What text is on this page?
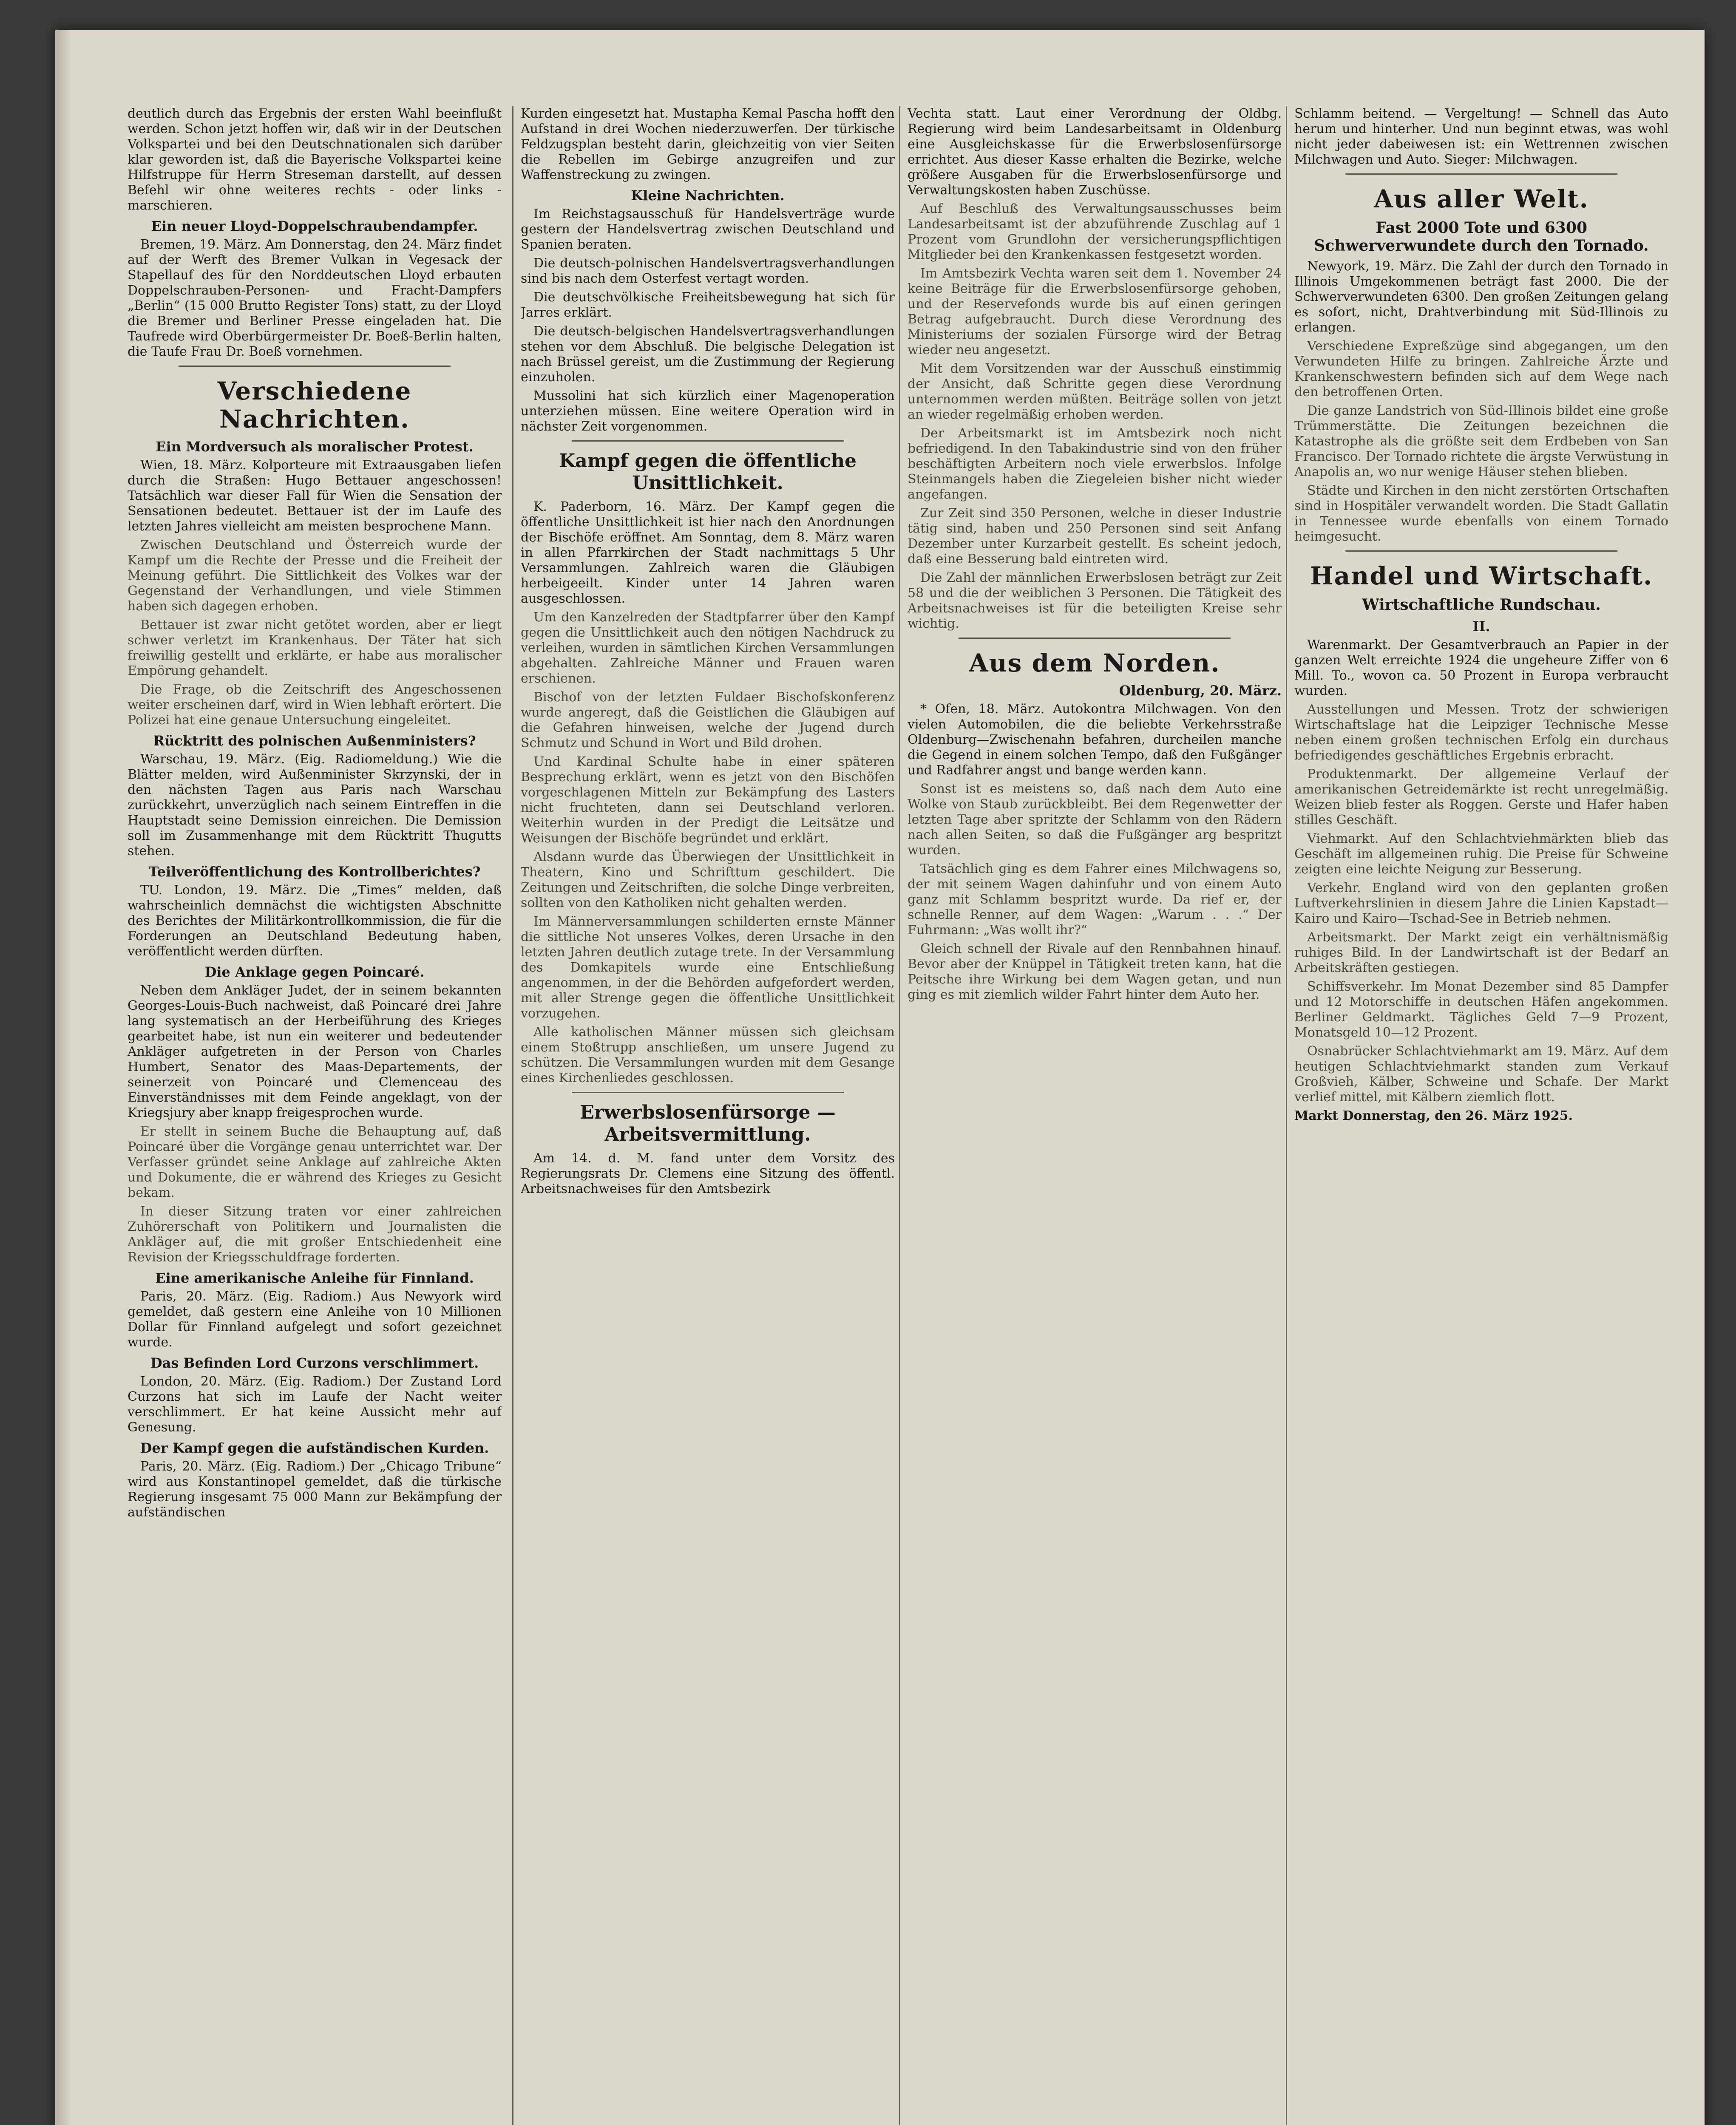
deutlich durch das Ergebnis der ersten Wahl beeinflußt werden. Schon jetzt hoffen wir, daß wir in der Deutschen Volkspartei und bei den Deutschnationalen sich darüber klar geworden ist, daß die Bayerische Volkspartei keine Hilfstruppe für Herrn Streseman darstellt, auf dessen Befehl wir ohne weiteres rechts - oder links - marschieren.

Ein neuer Lloyd-Doppelschraubendampfer.

Bremen, 19. März. Am Donnerstag, den 24. März findet auf der Werft des Bremer Vulkan in Vegesack der Stapellauf des für den Norddeutschen Lloyd erbauten Doppelschrauben-Personen- und Fracht-Dampfers „Berlin“ (15 000 Brutto Register Tons) statt, zu der Lloyd die Bremer und Berliner Presse eingeladen hat. Die Taufrede wird Oberbürgermeister Dr. Boeß-Berlin halten, die Taufe Frau Dr. Boeß vornehmen.

Verschiedene Nachrichten.
Ein Mordversuch als moralischer Protest.

Wien, 18. März. Kolporteure mit Extraausgaben liefen durch die Straßen: Hugo Bettauer angeschossen! Tatsächlich war dieser Fall für Wien die Sensation der Sensationen bedeutet. Bettauer ist der im Laufe des letzten Jahres vielleicht am meisten besprochene Mann.

Zwischen Deutschland und Österreich wurde der Kampf um die Rechte der Presse und die Freiheit der Meinung geführt. Die Sittlichkeit des Volkes war der Gegenstand der Verhandlungen, und viele Stimmen haben sich dagegen erhoben.

Bettauer ist zwar nicht getötet worden, aber er liegt schwer verletzt im Krankenhaus. Der Täter hat sich freiwillig gestellt und erklärte, er habe aus moralischer Empörung gehandelt.

Die Frage, ob die Zeitschrift des Angeschossenen weiter erscheinen darf, wird in Wien lebhaft erörtert. Die Polizei hat eine genaue Untersuchung eingeleitet.

Rücktritt des polnischen Außenministers?

Warschau, 19. März. (Eig. Radiomeldung.) Wie die Blätter melden, wird Außenminister Skrzynski, der in den nächsten Tagen aus Paris nach Warschau zurückkehrt, unverzüglich nach seinem Eintreffen in die Hauptstadt seine Demission einreichen. Die Demission soll im Zusammenhange mit dem Rücktritt Thugutts stehen.

Teilveröffentlichung des Kontrollberichtes?

TU. London, 19. März. Die „Times“ melden, daß wahrscheinlich demnächst die wichtigsten Abschnitte des Berichtes der Militärkontrollkommission, die für die Forderungen an Deutschland Bedeutung haben, veröffentlicht werden dürften.

Die Anklage gegen Poincaré.

Neben dem Ankläger Judet, der in seinem bekannten Georges-Louis-Buch nachweist, daß Poincaré drei Jahre lang systematisch an der Herbeiführung des Krieges gearbeitet habe, ist nun ein weiterer und bedeutender Ankläger aufgetreten in der Person von Charles Humbert, Senator des Maas-Departements, der seinerzeit von Poincaré und Clemenceau des Einverständnisses mit dem Feinde angeklagt, von der Kriegsjury aber knapp freigesprochen wurde.

Er stellt in seinem Buche die Behauptung auf, daß Poincaré über die Vorgänge genau unterrichtet war. Der Verfasser gründet seine Anklage auf zahlreiche Akten und Dokumente, die er während des Krieges zu Gesicht bekam.

In dieser Sitzung traten vor einer zahlreichen Zuhörerschaft von Politikern und Journalisten die Ankläger auf, die mit großer Entschiedenheit eine Revision der Kriegsschuldfrage forderten.

Eine amerikanische Anleihe für Finnland.

Paris, 20. März. (Eig. Radiom.) Aus Newyork wird gemeldet, daß gestern eine Anleihe von 10 Millionen Dollar für Finnland aufgelegt und sofort gezeichnet wurde.

Das Befinden Lord Curzons verschlimmert.

London, 20. März. (Eig. Radiom.) Der Zustand Lord Curzons hat sich im Laufe der Nacht weiter verschlimmert. Er hat keine Aussicht mehr auf Genesung.

Der Kampf gegen die aufständischen Kurden.

Paris, 20. März. (Eig. Radiom.) Der „Chicago Tribune“ wird aus Konstantinopel gemeldet, daß die türkische Regierung insgesamt 75 000 Mann zur Bekämpfung der aufständischen

Kurden eingesetzt hat. Mustapha Kemal Pascha hofft den Aufstand in drei Wochen niederzuwerfen. Der türkische Feldzugsplan besteht darin, gleichzeitig von vier Seiten die Rebellen im Gebirge anzugreifen und zur Waffenstreckung zu zwingen.

Kleine Nachrichten.

Im Reichstagsausschuß für Handelsverträge wurde gestern der Handelsvertrag zwischen Deutschland und Spanien beraten.

Die deutsch-polnischen Handelsvertragsverhandlungen sind bis nach dem Osterfest vertagt worden.

Die deutschvölkische Freiheitsbewegung hat sich für Jarres erklärt.

Die deutsch-belgischen Handelsvertragsverhandlungen stehen vor dem Abschluß. Die belgische Delegation ist nach Brüssel gereist, um die Zustimmung der Regierung einzuholen.

Mussolini hat sich kürzlich einer Magenoperation unterziehen müssen. Eine weitere Operation wird in nächster Zeit vorgenommen.

Kampf gegen die öffentliche Unsittlichkeit.

K. Paderborn, 16. März. Der Kampf gegen die öffentliche Unsittlichkeit ist hier nach den Anordnungen der Bischöfe eröffnet. Am Sonntag, dem 8. März waren in allen Pfarrkirchen der Stadt nachmittags 5 Uhr Versammlungen. Zahlreich waren die Gläubigen herbeigeeilt. Kinder unter 14 Jahren waren ausgeschlossen.

Um den Kanzelreden der Stadtpfarrer über den Kampf gegen die Unsittlichkeit auch den nötigen Nachdruck zu verleihen, wurden in sämtlichen Kirchen Versammlungen abgehalten. Zahlreiche Männer und Frauen waren erschienen.

Bischof von der letzten Fuldaer Bischofskonferenz wurde angeregt, daß die Geistlichen die Gläubigen auf die Gefahren hinweisen, welche der Jugend durch Schmutz und Schund in Wort und Bild drohen.

Und Kardinal Schulte habe in einer späteren Besprechung erklärt, wenn es jetzt von den Bischöfen vorgeschlagenen Mitteln zur Bekämpfung des Lasters nicht fruchteten, dann sei Deutschland verloren. Weiterhin wurden in der Predigt die Leitsätze und Weisungen der Bischöfe begründet und erklärt.

Alsdann wurde das Überwiegen der Unsittlichkeit in Theatern, Kino und Schrifttum geschildert. Die Zeitungen und Zeitschriften, die solche Dinge verbreiten, sollten von den Katholiken nicht gehalten werden.

Im Männerversammlungen schilderten ernste Männer die sittliche Not unseres Volkes, deren Ursache in den letzten Jahren deutlich zutage trete. In der Versammlung des Domkapitels wurde eine Entschließung angenommen, in der die Behörden aufgefordert werden, mit aller Strenge gegen die öffentliche Unsittlichkeit vorzugehen.

Alle katholischen Männer müssen sich gleichsam einem Stoßtrupp anschließen, um unsere Jugend zu schützen. Die Versammlungen wurden mit dem Gesange eines Kirchenliedes geschlossen.

Erwerbslosenfürsorge — Arbeitsvermittlung.

Am 14. d. M. fand unter dem Vorsitz des Regierungsrats Dr. Clemens eine Sitzung des öffentl. Arbeitsnachweises für den Amtsbezirk

Vechta statt. Laut einer Verordnung der Oldbg. Regierung wird beim Landesarbeitsamt in Oldenburg eine Ausgleichskasse für die Erwerbslosenfürsorge errichtet. Aus dieser Kasse erhalten die Bezirke, welche größere Ausgaben für die Erwerbslosenfürsorge und Verwaltungskosten haben Zuschüsse.

Auf Beschluß des Verwaltungsausschusses beim Landesarbeitsamt ist der abzuführende Zuschlag auf 1 Prozent vom Grundlohn der versicherungspflichtigen Mitglieder bei den Krankenkassen festgesetzt worden.

Im Amtsbezirk Vechta waren seit dem 1. November 24 keine Beiträge für die Erwerbslosenfürsorge gehoben, und der Reservefonds wurde bis auf einen geringen Betrag aufgebraucht. Durch diese Verordnung des Ministeriums der sozialen Fürsorge wird der Betrag wieder neu angesetzt.

Mit dem Vorsitzenden war der Ausschuß einstimmig der Ansicht, daß Schritte gegen diese Verordnung unternommen werden müßten. Beiträge sollen von jetzt an wieder regelmäßig erhoben werden.

Der Arbeitsmarkt ist im Amtsbezirk noch nicht befriedigend. In den Tabakindustrie sind von den früher beschäftigten Arbeitern noch viele erwerbslos. Infolge Steinmangels haben die Ziegeleien bisher nicht wieder angefangen.

Zur Zeit sind 350 Personen, welche in dieser Industrie tätig sind, haben und 250 Personen sind seit Anfang Dezember unter Kurzarbeit gestellt. Es scheint jedoch, daß eine Besserung bald eintreten wird.

Die Zahl der männlichen Erwerbslosen beträgt zur Zeit 58 und die der weiblichen 3 Personen. Die Tätigkeit des Arbeitsnachweises ist für die beteiligten Kreise sehr wichtig.

Aus dem Norden.
Oldenburg, 20. März.

* Ofen, 18. März. Autokontra Milchwagen. Von den vielen Automobilen, die die beliebte Verkehrsstraße Oldenburg—Zwischenahn befahren, durcheilen manche die Gegend in einem solchen Tempo, daß den Fußgänger und Radfahrer angst und bange werden kann.

Sonst ist es meistens so, daß nach dem Auto eine Wolke von Staub zurückbleibt. Bei dem Regenwetter der letzten Tage aber spritzte der Schlamm von den Rädern nach allen Seiten, so daß die Fußgänger arg bespritzt wurden.

Tatsächlich ging es dem Fahrer eines Milchwagens so, der mit seinem Wagen dahinfuhr und von einem Auto ganz mit Schlamm bespritzt wurde. Da rief er, der schnelle Renner, auf dem Wagen: „Warum . . .“ Der Fuhrmann: „Was wollt ihr?“

Gleich schnell der Rivale auf den Rennbahnen hinauf. Bevor aber der Knüppel in Tätigkeit treten kann, hat die Peitsche ihre Wirkung bei dem Wagen getan, und nun ging es mit ziemlich wilder Fahrt hinter dem Auto her.

Schlamm beitend. — Vergeltung! — Schnell das Auto herum und hinterher. Und nun beginnt etwas, was wohl nicht jeder dabeiwesen ist: ein Wettrennen zwischen Milchwagen und Auto. Sieger: Milchwagen.

Aus aller Welt.
Fast 2000 Tote und 6300 Schwerverwundete durch den Tornado.

Newyork, 19. März. Die Zahl der durch den Tornado in Illinois Umgekommenen beträgt fast 2000. Die der Schwerverwundeten 6300. Den großen Zeitungen gelang es sofort, nicht, Drahtverbindung mit Süd-Illinois zu erlangen.

Verschiedene Expreßzüge sind abgegangen, um den Verwundeten Hilfe zu bringen. Zahlreiche Ärzte und Krankenschwestern befinden sich auf dem Wege nach den betroffenen Orten.

Die ganze Landstrich von Süd-Illinois bildet eine große Trümmerstätte. Die Zeitungen bezeichnen die Katastrophe als die größte seit dem Erdbeben von San Francisco. Der Tornado richtete die ärgste Verwüstung in Anapolis an, wo nur wenige Häuser stehen blieben.

Städte und Kirchen in den nicht zerstörten Ortschaften sind in Hospitäler verwandelt worden. Die Stadt Gallatin in Tennessee wurde ebenfalls von einem Tornado heimgesucht.

Handel und Wirtschaft.
Wirtschaftliche Rundschau.
II.

Warenmarkt. Der Gesamtverbrauch an Papier in der ganzen Welt erreichte 1924 die ungeheure Ziffer von 6 Mill. To., wovon ca. 50 Prozent in Europa verbraucht wurden.

Ausstellungen und Messen. Trotz der schwierigen Wirtschaftslage hat die Leipziger Technische Messe neben einem großen technischen Erfolg ein durchaus befriedigendes geschäftliches Ergebnis erbracht.

Produktenmarkt. Der allgemeine Verlauf der amerikanischen Getreidemärkte ist recht unregelmäßig. Weizen blieb fester als Roggen. Gerste und Hafer haben stilles Geschäft.

Viehmarkt. Auf den Schlachtviehmärkten blieb das Geschäft im allgemeinen ruhig. Die Preise für Schweine zeigten eine leichte Neigung zur Besserung.

Verkehr. England wird von den geplanten großen Luftverkehrslinien in diesem Jahre die Linien Kapstadt—Kairo und Kairo—Tschad-See in Betrieb nehmen.

Arbeitsmarkt. Der Markt zeigt ein verhältnismäßig ruhiges Bild. In der Landwirtschaft ist der Bedarf an Arbeitskräften gestiegen.

Schiffsverkehr. Im Monat Dezember sind 85 Dampfer und 12 Motorschiffe in deutschen Häfen angekommen. Berliner Geldmarkt. Tägliches Geld 7—9 Prozent, Monatsgeld 10—12 Prozent.

Osnabrücker Schlachtviehmarkt am 19. März. Auf dem heutigen Schlachtviehmarkt standen zum Verkauf Großvieh, Kälber, Schweine und Schafe. Der Markt verlief mittel, mit Kälbern ziemlich flott.

Markt Donnerstag, den 26. März 1925.
